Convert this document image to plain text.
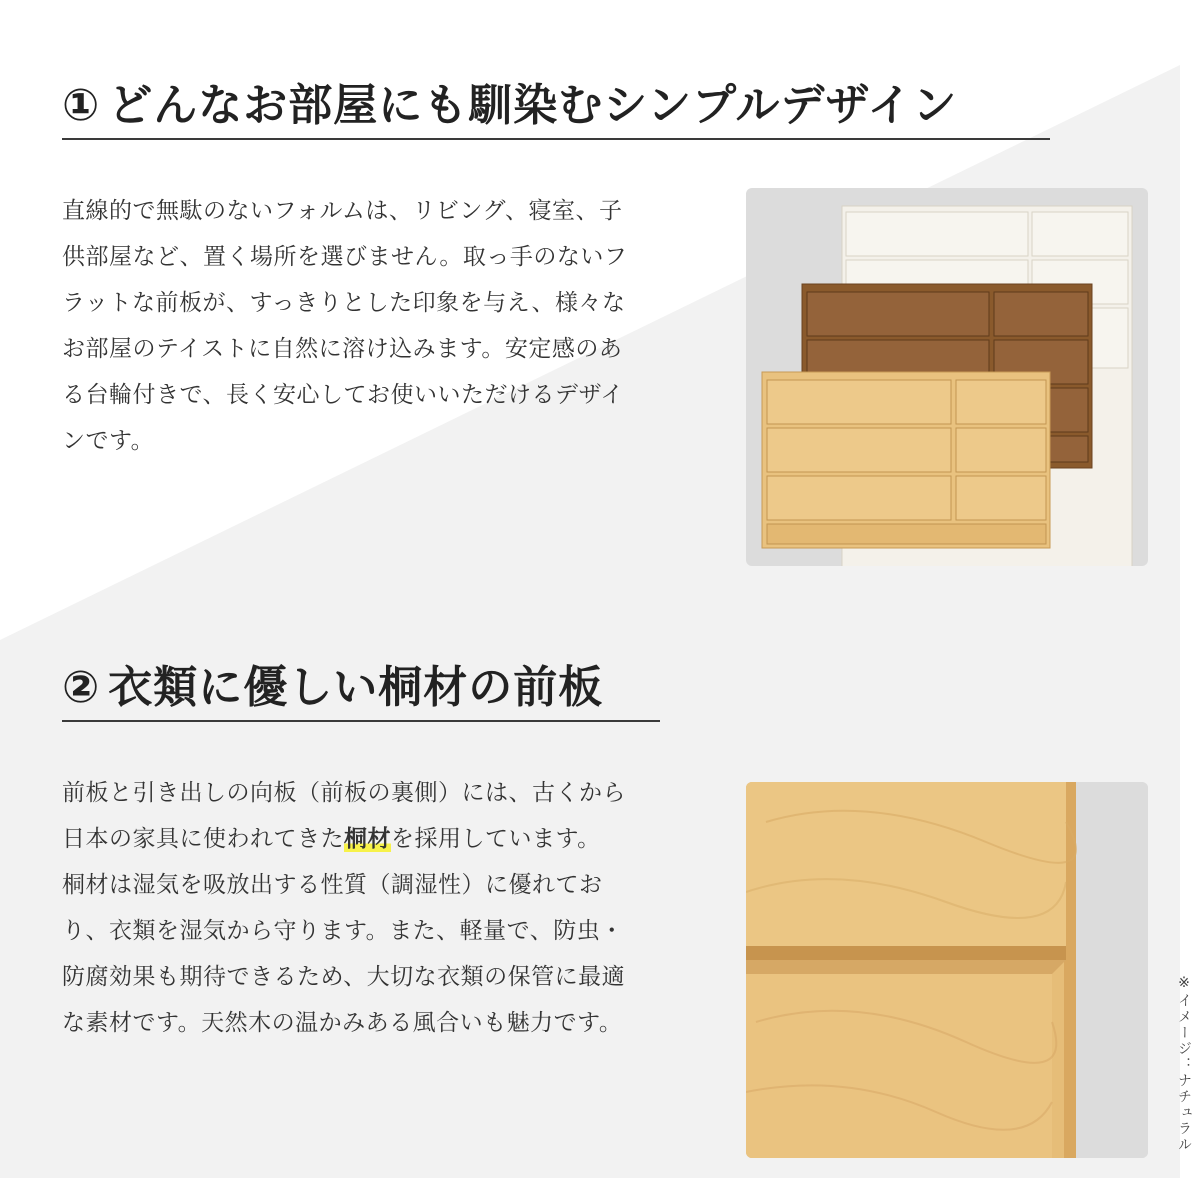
① どんなお部屋にも馴染むシンプルデザイン
直線的で無駄のないフォルムは、リビング、寝室、子
供部屋など、置く場所を選びません。取っ手のないフ
ラットな前板が、すっきりとした印象を与え、様々な
お部屋のテイストに自然に溶け込みます。安定感のあ
る台輪付きで、長く安心してお使いいただけるデザイ
ンです。
② 衣類に優しい桐材の前板
前板と引き出しの向板（前板の裏側）には、古くから
日本の家具に使われてきた桐材を採用しています。
桐材は湿気を吸放出する性質（調湿性）に優れてお
り、衣類を湿気から守ります。また、軽量で、防虫・
防腐効果も期待できるため、大切な衣類の保管に最適
な素材です。天然木の温かみある風合いも魅力です。	※イメージ：ナチュラル
